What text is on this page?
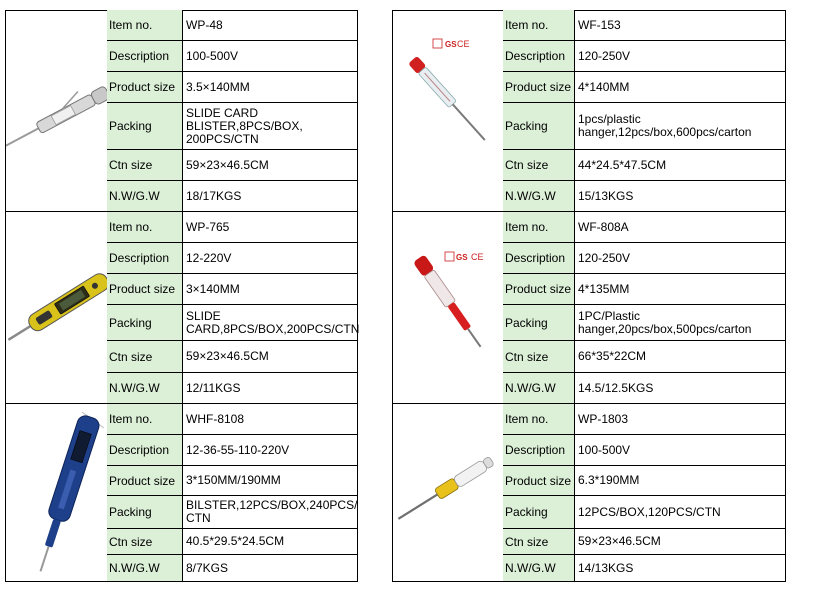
Item no.	WP-48
Description	100-500V
Product size 3.5×140MM
Packing
SLIDE CARD
BLISTER,8PCS/BOX,
200PCS/CTN
Ctn size	59×23×46.5CM
N.W/G.W	18/17KGS
Item no.	WP-765
Description	12-220V
Product size 3×140MM
Packing	SLIDE
CARD,8PCS/BOX,200PCS/CTN
Ctn size	59×23×46.5CM
N.W/G.W	12/11KGS
Item no.	WHF-8108
Description	12-36-55-110-220V
Product size 3*150MM/190MM
Packing	BILSTER,12PCS/BOX,240PCS/
CTN
Ctn size	40.5*29.5*24.5CM
N.W/G.W	8/7KGS
GS CE
Item no.	WF-153
Description	120-250V
Product size 4*140MM
Packing	1pcs/plastic
hanger,12pcs/box,600pcs/carton
Ctn size	44*24.5*47.5CM
N.W/G.W	15/13KGS
GS CE
Item no.	WF-808A
Description	120-250V
Product size 4*135MM
Packing	1PC/Plastic
hanger,20pcs/box,500pcs/carton
Ctn size	66*35*22CM
N.W/G.W	14.5/12.5KGS
Item no.	WP-1803
Description	100-500V
Product size 6.3*190MM
Packing	12PCS/BOX,120PCS/CTN
Ctn size	59×23×46.5CM
N.W/G.W	14/13KGS
